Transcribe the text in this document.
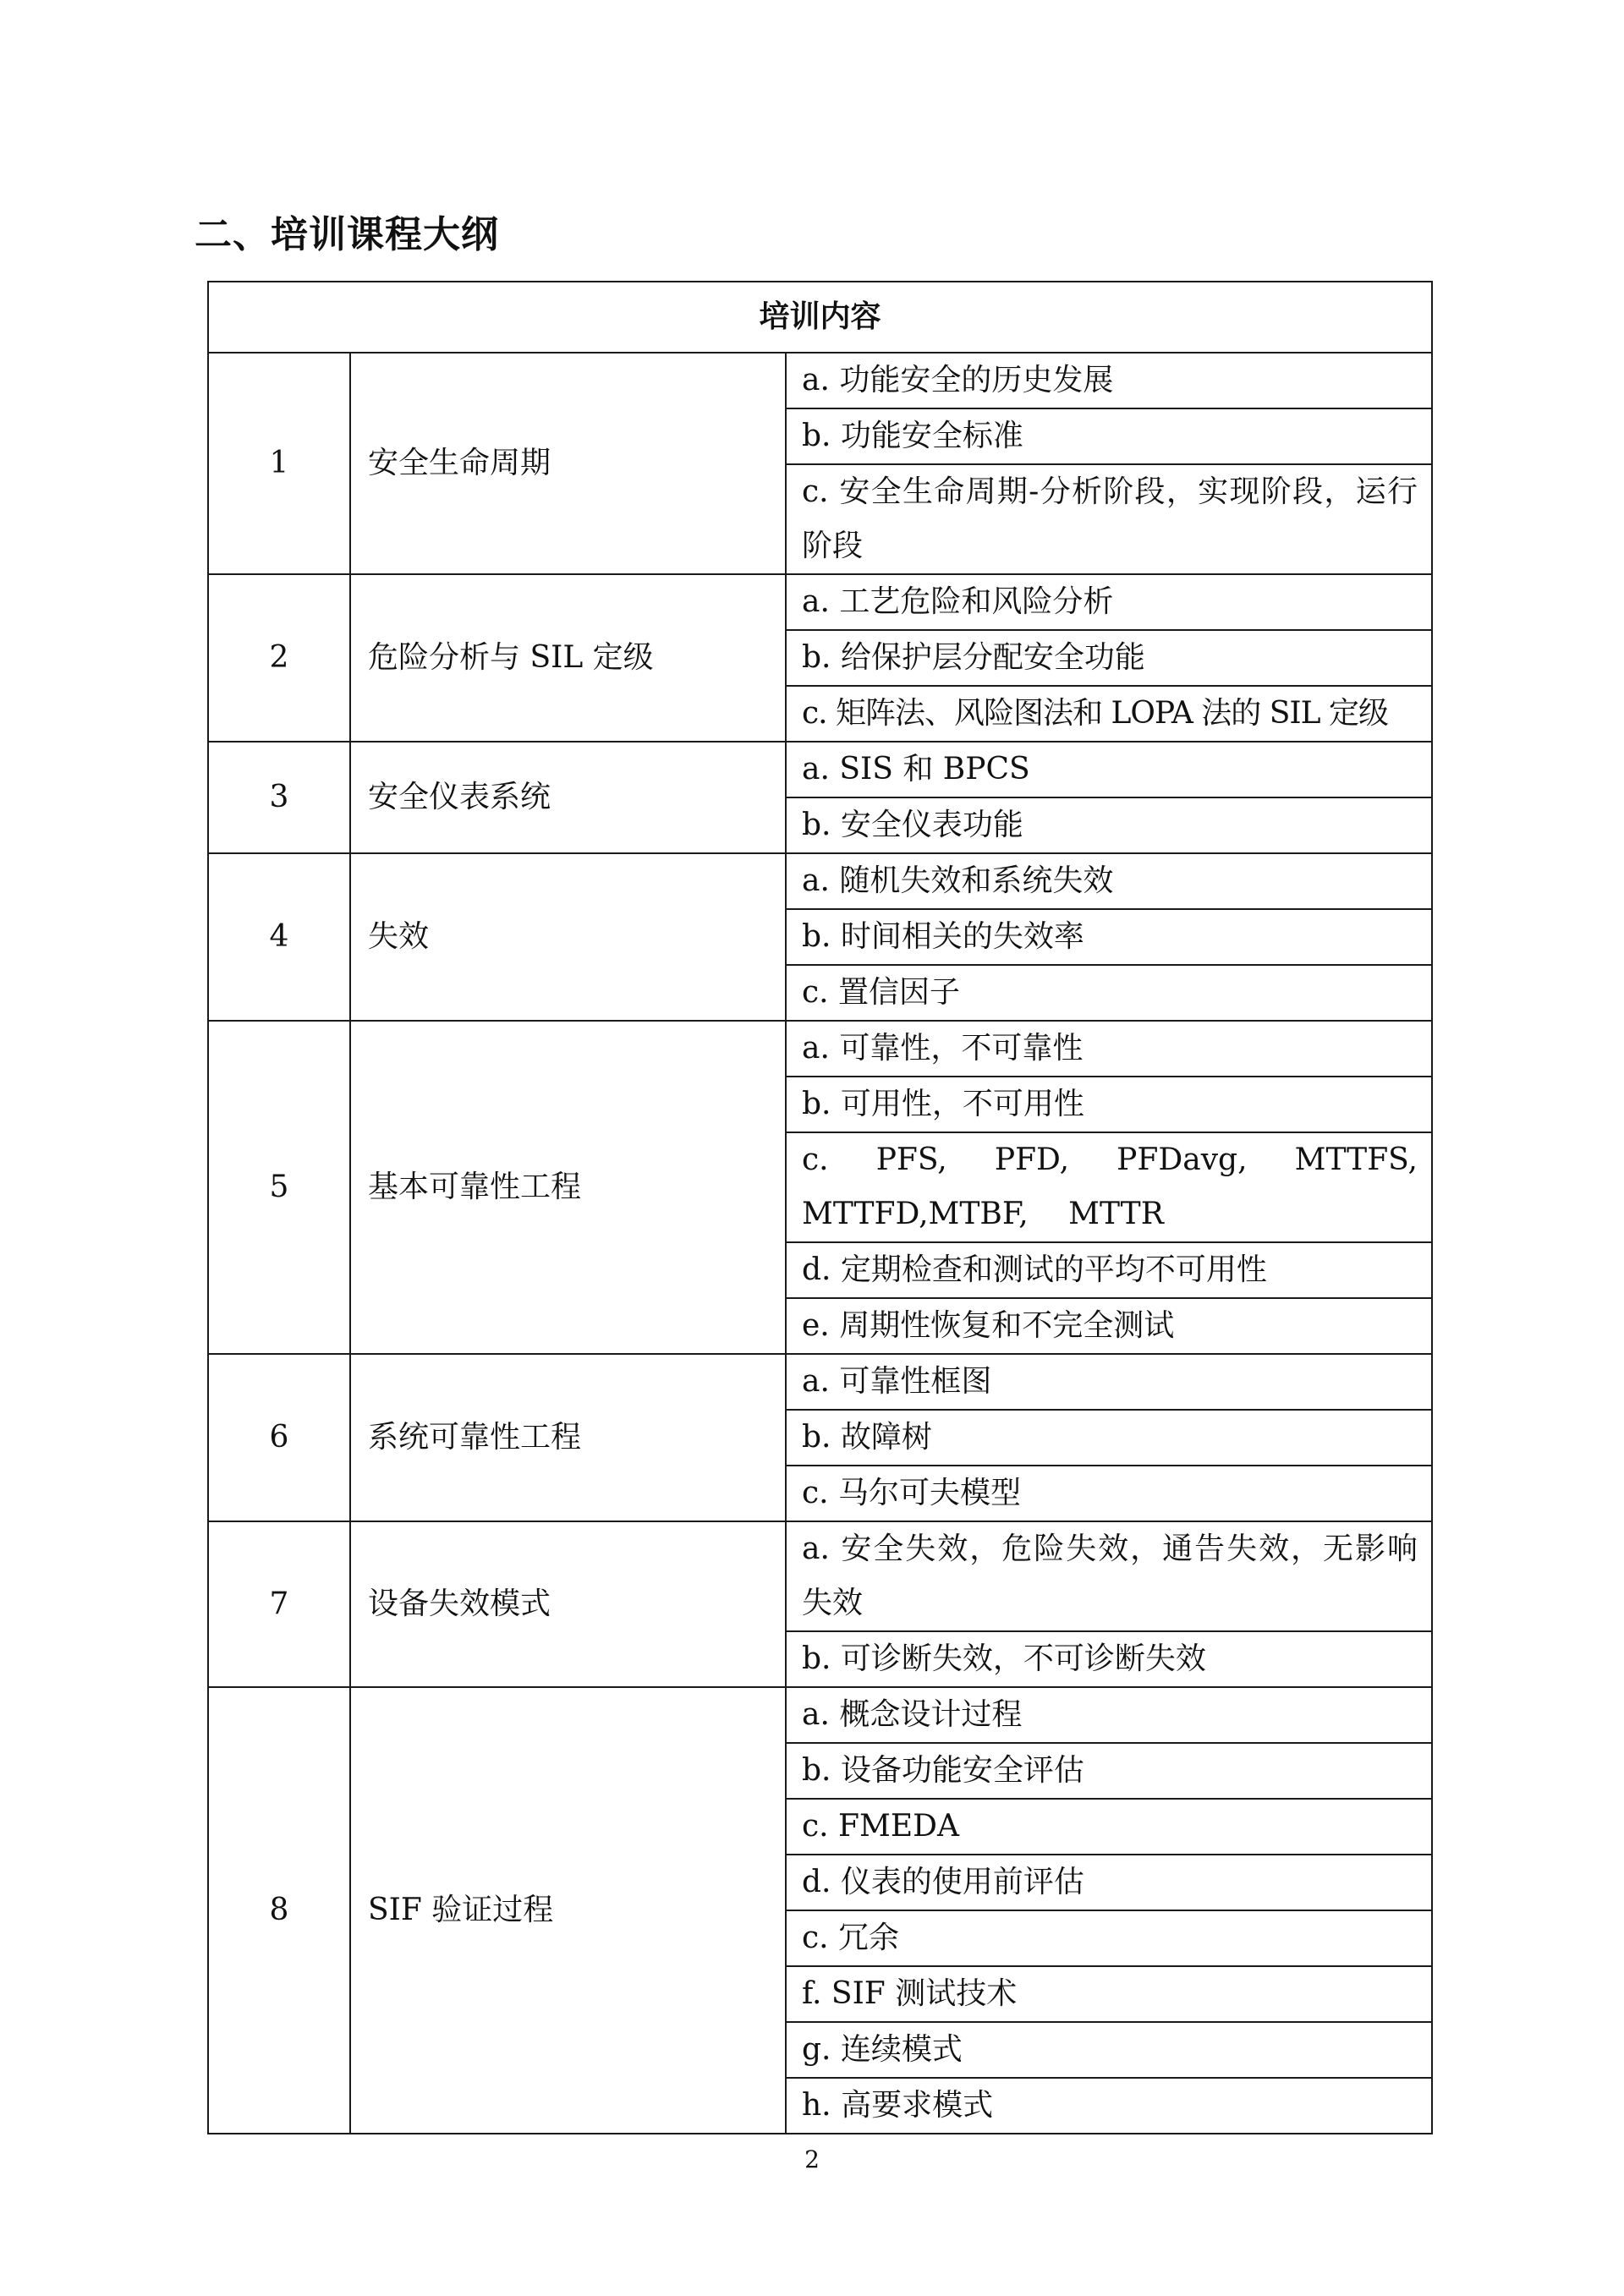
二、培训课程大纲
培训内容		
1	安全生命周期	a. 功能安全的历史发展
		b. 功能安全标准
		c. 安全生命周期-分析阶段，实现阶段，运行阶段
2	危险分析与 SIL 定级	a. 工艺危险和风险分析
		b. 给保护层分配安全功能
		c. 矩阵法、风险图法和 LOPA 法的 SIL 定级
3	安全仪表系统	a. SIS 和 BPCS
		b. 安全仪表功能
4	失效	a. 随机失效和系统失效
		b. 时间相关的失效率
		c. 置信因子
5	基本可靠性工程	a. 可靠性，不可靠性
		b. 可用性，不可用性
		c. PFS, PFD, PFDavg, MTTFS, MTTFD,MTBF, MTTR
		d. 定期检查和测试的平均不可用性
		e. 周期性恢复和不完全测试
6	系统可靠性工程	a. 可靠性框图
		b. 故障树
		c. 马尔可夫模型
7	设备失效模式	a. 安全失效，危险失效，通告失效，无影响失效
		b. 可诊断失效，不可诊断失效
8	SIF 验证过程	a. 概念设计过程
		b. 设备功能安全评估
		c. FMEDA
		d. 仪表的使用前评估
		c. 冗余
		f. SIF 测试技术
		g. 连续模式
		h. 高要求模式

2
